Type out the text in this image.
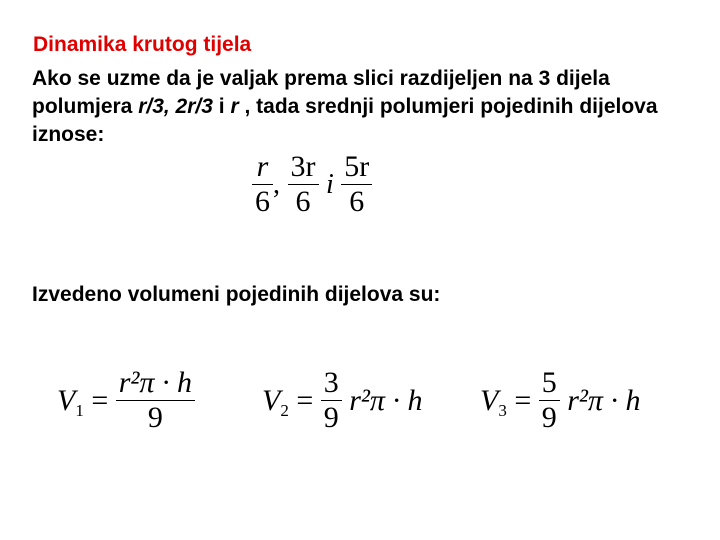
Dinamika krutog tijela
Ako se uzme da je valjak prema slici razdijeljen na 3 dijela polumjera r/3, 2r/3 i r , tada srednji polumjeri pojedinih dijelova iznose:
$\frac{r}{6}$ , $\frac{3r}{6}$ i $\frac{5r}{6}$
Izvedeno volumeni pojedinih dijelova su:
$V_1 = \frac{\text{r²π · h}}{9} V_2 = \frac{3}{9} r^2\pi \cdot h$ $V_3 = \frac{5}{9} r^2\pi \cdot h$
